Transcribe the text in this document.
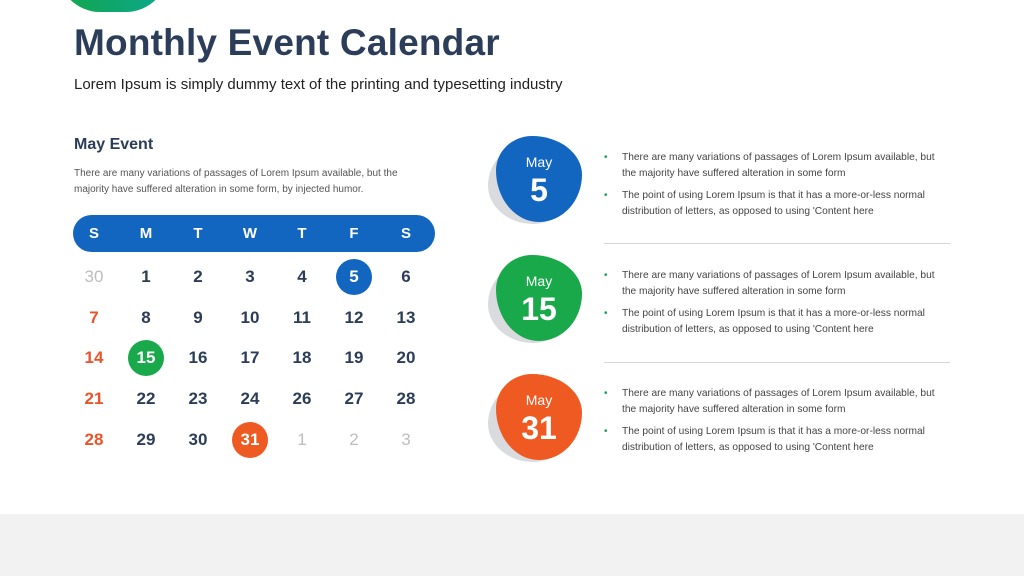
Monthly Event Calendar

Lorem Ipsum is simply dummy text of the printing and typesetting industry

May Event

There are many variations of passages of Lorem Ipsum available, but the majority have suffered alteration in some form, by injected humor.

S	M	T	W	T	F	S
30	1	2	3	4	5	6
7	8	9	10	11	12	13
14	15	16	17	18	19	20
21	22	23	24	26	27	28
28	29	30	31	1	2	3
May
5
May
15
May
31
• There are many variations of passages of Lorem Ipsum available, but the majority have suffered alteration in some form
• The point of using Lorem Ipsum is that it has a more-or-less normal distribution of letters, as opposed to using 'Content here
• There are many variations of passages of Lorem Ipsum available, but the majority have suffered alteration in some form
• The point of using Lorem Ipsum is that it has a more-or-less normal distribution of letters, as opposed to using 'Content here
• There are many variations of passages of Lorem Ipsum available, but the majority have suffered alteration in some form
• The point of using Lorem Ipsum is that it has a more-or-less normal distribution of letters, as opposed to using 'Content here
